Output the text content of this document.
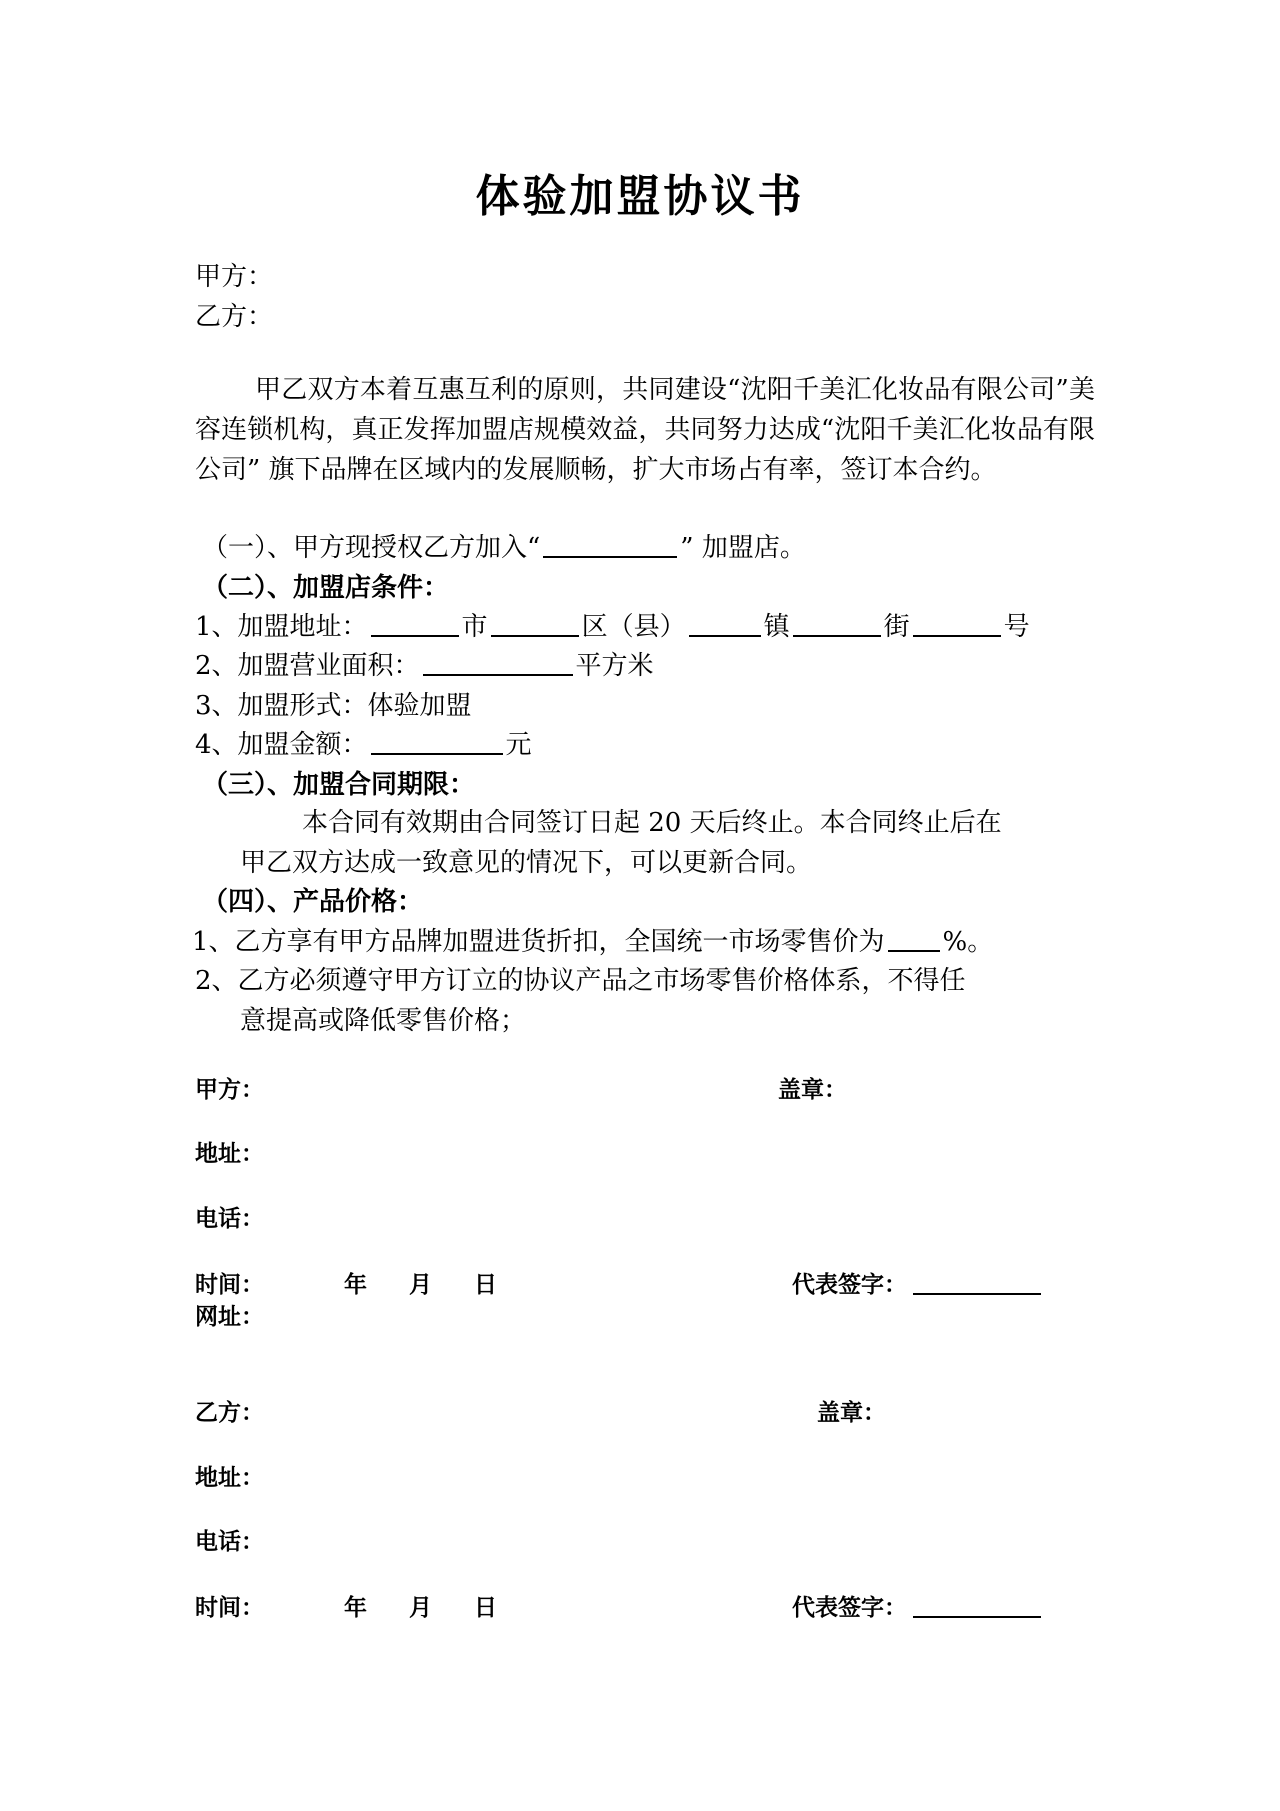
体验加盟协议书
甲方：
乙方：
甲乙双方本着互惠互利的原则，共同建设“沈阳千美汇化妆品有限公司”美容连锁机构，真正发挥加盟店规模效益，共同努力达成“沈阳千美汇化妆品有限公司” 旗下品牌在区域内的发展顺畅，扩大市场占有率，签订本合约。
（一）、甲方现授权乙方加入“	” 加盟店。
（二）、加盟店条件：
1、加盟地址：	市	区（县）	镇	街	号
2、加盟营业面积：	平方米
3、加盟形式：体验加盟
4、加盟金额：	元
（三）、加盟合同期限：
本合同有效期由合同签订日起 20 天后终止。本合同终止后在
甲乙双方达成一致意见的情况下，可以更新合同。
（四）、产品价格：
1、乙方享有甲方品牌加盟进货折扣，全国统一市场零售价为 %。
2、乙方必须遵守甲方订立的协议产品之市场零售价格体系，不得任
意提高或降低零售价格；
甲方：	盖章：
地址：
电话：
时间：	年 月 日	代表签字：
网址：
乙方：	盖章：
地址：
电话：
时间：	年 月 日	代表签字：
